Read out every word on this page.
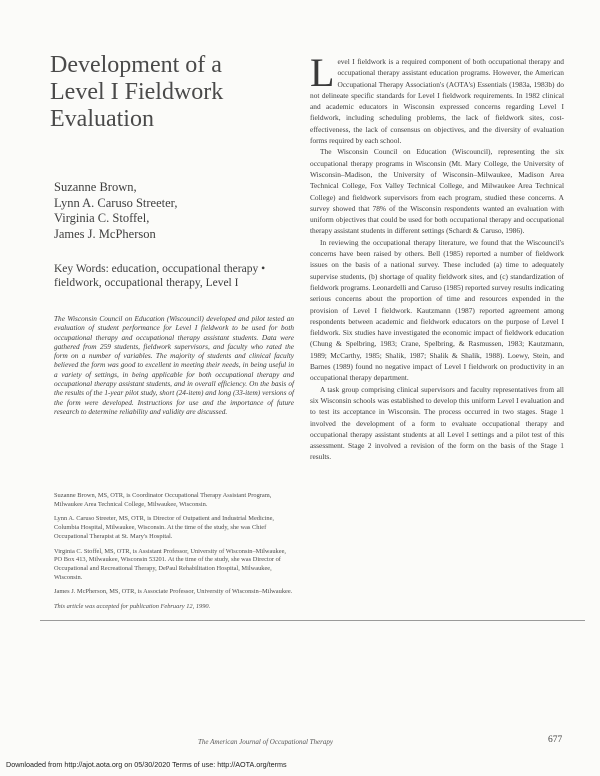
Development of a Level I Fieldwork Evaluation
Suzanne Brown,
Lynn A. Caruso Streeter,
Virginia C. Stoffel,
James J. McPherson
Key Words: education, occupational therapy • fieldwork, occupational therapy, Level I
The Wisconsin Council on Education (Wiscouncil) developed and pilot tested an evaluation of student performance for Level I fieldwork to be used for both occupational therapy and occupational therapy assistant students. Data were gathered from 259 students, fieldwork supervisors, and faculty who rated the form on a number of variables. The majority of students and clinical faculty believed the form was good to excellent in meeting their needs, in being useful in a variety of settings, in being applicable for both occupational therapy and occupational therapy assistant students, and in overall efficiency. On the basis of the results of the 1-year pilot study, short (24-item) and long (33-item) versions of the form were developed. Instructions for use and the importance of future research to determine reliability and validity are discussed.

Suzanne Brown, MS, OTR, is Coordinator Occupational Therapy Assistant Program, Milwaukee Area Technical College, Milwaukee, Wisconsin.

Lynn A. Caruso Streeter, MS, OTR, is Director of Outpatient and Industrial Medicine, Columbia Hospital, Milwaukee, Wisconsin. At the time of the study, she was Chief Occupational Therapist at St. Mary's Hospital.

Virginia C. Stoffel, MS, OTR, is Assistant Professor, University of Wisconsin–Milwaukee, PO Box 413, Milwaukee, Wisconsin 53201. At the time of the study, she was Director of Occupational and Recreational Therapy, DePaul Rehabilitation Hospital, Milwaukee, Wisconsin.

James J. McPherson, MS, OTR, is Associate Professor, University of Wisconsin–Milwaukee.

This article was accepted for publication February 12, 1990.

Level I fieldwork is a required component of both occupational therapy and occupational therapy assistant education programs. However, the American Occupational Therapy Association's (AOTA's) Essentials (1983a, 1983b) do not delineate specific standards for Level I fieldwork requirements. In 1982 clinical and academic educators in Wisconsin expressed concerns regarding Level I fieldwork, including scheduling problems, the lack of fieldwork sites, cost-effectiveness, the lack of consensus on objectives, and the diversity of evaluation forms required by each school.

The Wisconsin Council on Education (Wiscouncil), representing the six occupational therapy programs in Wisconsin (Mt. Mary College, the University of Wisconsin–Madison, the University of Wisconsin–Milwaukee, Madison Area Technical College, Fox Valley Technical College, and Milwaukee Area Technical College) and fieldwork supervisors from each program, studied these concerns. A survey showed that 78% of the Wisconsin respondents wanted an evaluation with uniform objectives that could be used for both occupational therapy and occupational therapy assistant students in different settings (Schardt & Caruso, 1986).

In reviewing the occupational therapy literature, we found that the Wiscouncil's concerns have been raised by others. Bell (1985) reported a number of fieldwork issues on the basis of a national survey. These included (a) time to adequately supervise students, (b) shortage of quality fieldwork sites, and (c) standardization of fieldwork programs. Leonardelli and Caruso (1985) reported survey results indicating serious concerns about the proportion of time and resources expended in the provision of Level I fieldwork. Kautzmann (1987) reported agreement among respondents between academic and fieldwork educators on the purpose of Level I fieldwork. Six studies have investigated the economic impact of fieldwork education (Chung & Spelbring, 1983; Crane, Spelbring, & Rasmussen, 1983; Kautzmann, 1989; McCarthy, 1985; Shalik, 1987; Shalik & Shalik, 1988). Loewy, Stein, and Barnes (1989) found no negative impact of Level I fieldwork on productivity in an occupational therapy department.

A task group comprising clinical supervisors and faculty representatives from all six Wisconsin schools was established to develop this uniform Level I evaluation and to test its acceptance in Wisconsin. The process occurred in two stages. Stage 1 involved the development of a form to evaluate occupational therapy and occupational therapy assistant students at all Level I settings and a pilot test of this assessment. Stage 2 involved a revision of the form on the basis of the Stage 1 results.

The American Journal of Occupational Therapy	677
Downloaded from http://ajot.aota.org on 05/30/2020 Terms of use: http://AOTA.org/terms
